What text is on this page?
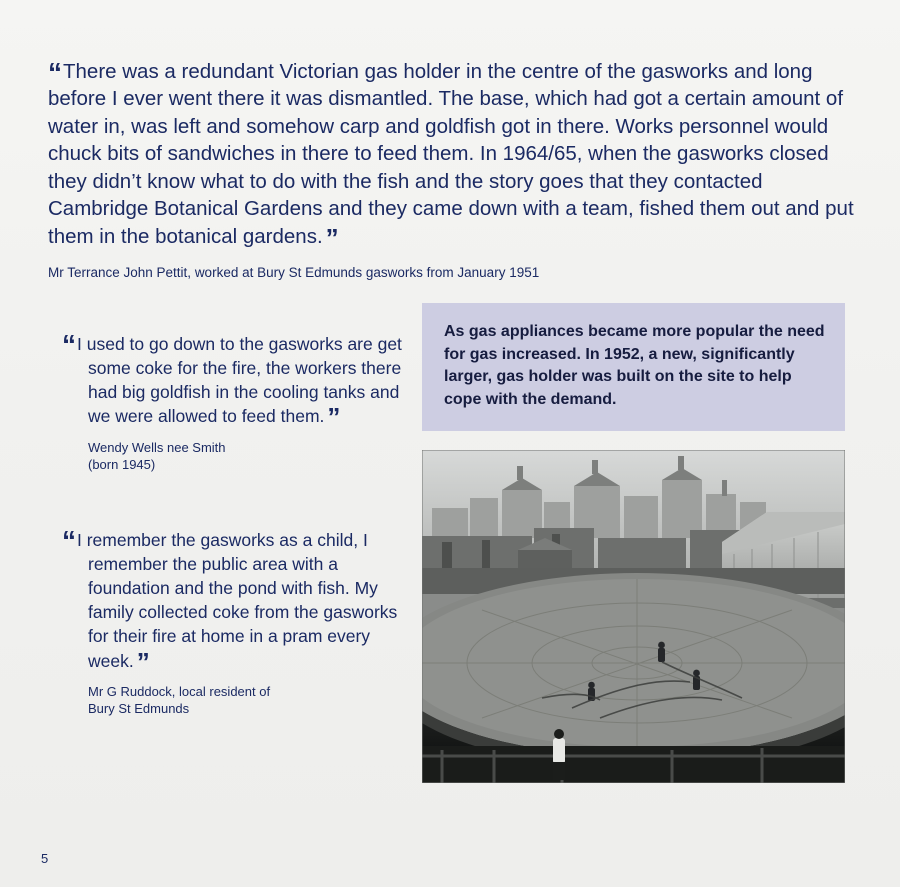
“There was a redundant Victorian gas holder in the centre of the gasworks and long before I ever went there it was dismantled. The base, which had got a certain amount of water in, was left and somehow carp and goldfish got in there. Works personnel would chuck bits of sandwiches in there to feed them. In 1964/65, when the gasworks closed they didn’t know what to do with the fish and the story goes that they contacted Cambridge Botanical Gardens and they came down with a team, fished them out and put them in the botanical gardens. ”
Mr Terrance John Pettit, worked at Bury St Edmunds gasworks from January 1951
“ I used to go down to the gasworks are get some coke for the fire, the workers there had big goldfish in the cooling tanks and we were allowed to feed them. ”
Wendy Wells nee Smith
(born 1945)
“ I remember the gasworks as a child, I remember the public area with a foundation and the pond with fish. My family collected coke from the gasworks for their fire at home in a pram every week. ”
Mr G Ruddock, local resident of
Bury St Edmunds
As gas appliances became more popular the need for gas increased. In 1952, a new, significantly larger, gas holder was built on the site to help cope with the demand.
5
